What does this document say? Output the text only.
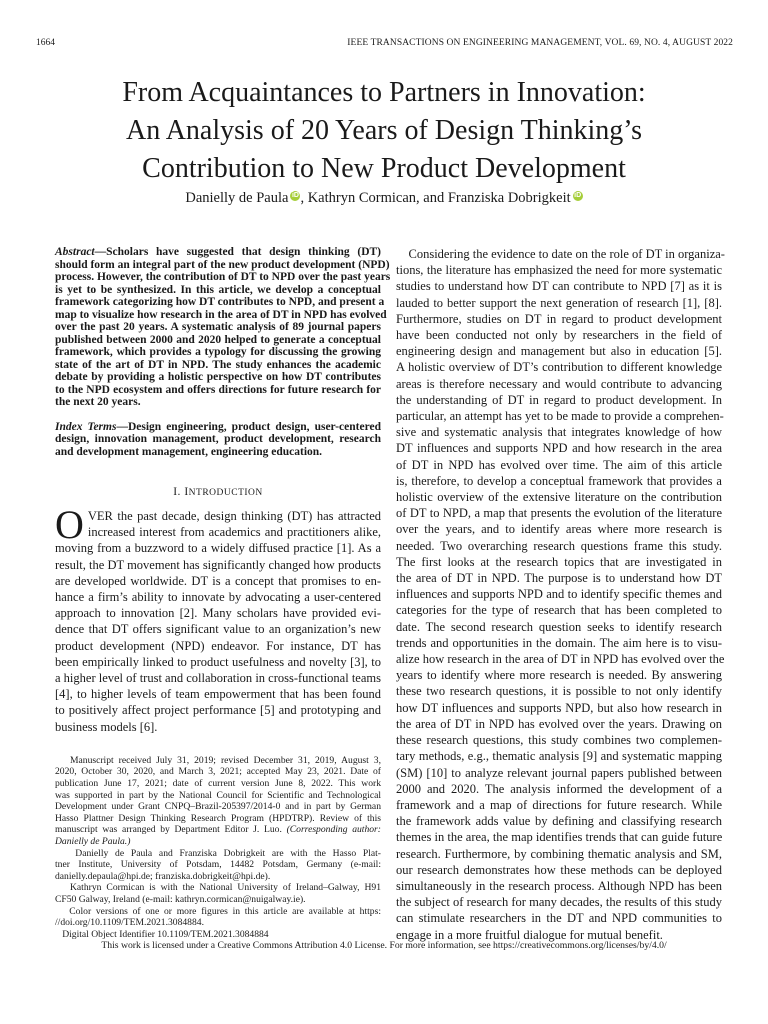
1664	IEEE TRANSACTIONS ON ENGINEERING MANAGEMENT, VOL. 69, NO. 4, AUGUST 2022
From Acquaintances to Partners in Innovation:
An Analysis of 20 Years of Design Thinking’s
Contribution to New Product Development
Danielly de Paula iD , Kathryn Cormican, and Franziska Dobrigkeit iD
Abstract—Scholars have suggested that design thinking (DT)
should form an integral part of the new product development (NPD)
process. However, the contribution of DT to NPD over the past years
is yet to be synthesized. In this article, we develop a conceptual
framework categorizing how DT contributes to NPD, and present a
map to visualize how research in the area of DT in NPD has evolved
over the past 20 years. A systematic analysis of 89 journal papers
published between 2000 and 2020 helped to generate a conceptual
framework, which provides a typology for discussing the growing
state of the art of DT in NPD. The study enhances the academic
debate by providing a holistic perspective on how DT contributes
to the NPD ecosystem and offers directions for future research for
the next 20 years.
Index Terms—Design engineering, product design, user-centered
design, innovation management, product development, research
and development management, engineering education.
I. INTRODUCTION
O VER the past decade, design thinking (DT) has attracted
increased interest from academics and practitioners alike,
moving from a buzzword to a widely diffused practice [1]. As a
result, the DT movement has significantly changed how products
are developed worldwide. DT is a concept that promises to en-
hance a firm’s ability to innovate by advocating a user-centered
approach to innovation [2]. Many scholars have provided evi-
dence that DT offers significant value to an organization’s new
product development (NPD) endeavor. For instance, DT has
been empirically linked to product usefulness and novelty [3], to
a higher level of trust and collaboration in cross-functional teams
[4], to higher levels of team empowerment that has been found
to positively affect project performance [5] and prototyping and
business models [6].
Manuscript received July 31, 2019; revised December 31, 2019, August 3,
2020, October 30, 2020, and March 3, 2021; accepted May 23, 2021. Date of
publication June 17, 2021; date of current version June 8, 2022. This work
was supported in part by the National Council for Scientific and Technological
Development under Grant CNPQ–Brazil-205397/2014-0 and in part by German
Hasso Plattner Design Thinking Research Program (HPDTRP). Review of this
manuscript was arranged by Department Editor J. Luo. (Corresponding author:
Danielly de Paula.)
Danielly de Paula and Franziska Dobrigkeit are with the Hasso Plat-
tner Institute, University of Potsdam, 14482 Potsdam, Germany (e-mail:
danielly.depaula@hpi.de; franziska.dobrigkeit@hpi.de).
Kathryn Cormican is with the National University of Ireland–Galway, H91
CF50 Galway, Ireland (e-mail: kathryn.cormican@nuigalway.ie).
Color versions of one or more figures in this article are available at https:
//doi.org/10.1109/TEM.2021.3084884.
Digital Object Identifier 10.1109/TEM.2021.3084884
Considering the evidence to date on the role of DT in organiza-
tions, the literature has emphasized the need for more systematic
studies to understand how DT can contribute to NPD [7] as it is
lauded to better support the next generation of research [1], [8].
Furthermore, studies on DT in regard to product development
have been conducted not only by researchers in the field of
engineering design and management but also in education [5].
A holistic overview of DT’s contribution to different knowledge
areas is therefore necessary and would contribute to advancing
the understanding of DT in regard to product development. In
particular, an attempt has yet to be made to provide a comprehen-
sive and systematic analysis that integrates knowledge of how
DT influences and supports NPD and how research in the area
of DT in NPD has evolved over time. The aim of this article
is, therefore, to develop a conceptual framework that provides a
holistic overview of the extensive literature on the contribution
of DT to NPD, a map that presents the evolution of the literature
over the years, and to identify areas where more research is
needed. Two overarching research questions frame this study.
The first looks at the research topics that are investigated in
the area of DT in NPD. The purpose is to understand how DT
influences and supports NPD and to identify specific themes and
categories for the type of research that has been completed to
date. The second research question seeks to identify research
trends and opportunities in the domain. The aim here is to visu-
alize how research in the area of DT in NPD has evolved over the
years to identify where more research is needed. By answering
these two research questions, it is possible to not only identify
how DT influences and supports NPD, but also how research in
the area of DT in NPD has evolved over the years. Drawing on
these research questions, this study combines two complemen-
tary methods, e.g., thematic analysis [9] and systematic mapping
(SM) [10] to analyze relevant journal papers published between
2000 and 2020. The analysis informed the development of a
framework and a map of directions for future research. While
the framework adds value by defining and classifying research
themes in the area, the map identifies trends that can guide future
research. Furthermore, by combining thematic analysis and SM,
our research demonstrates how these methods can be deployed
simultaneously in the research process. Although NPD has been
the subject of research for many decades, the results of this study
can stimulate researchers in the DT and NPD communities to
engage in a more fruitful dialogue for mutual benefit.
This work is licensed under a Creative Commons Attribution 4.0 License. For more information, see https://creativecommons.org/licenses/by/4.0/
